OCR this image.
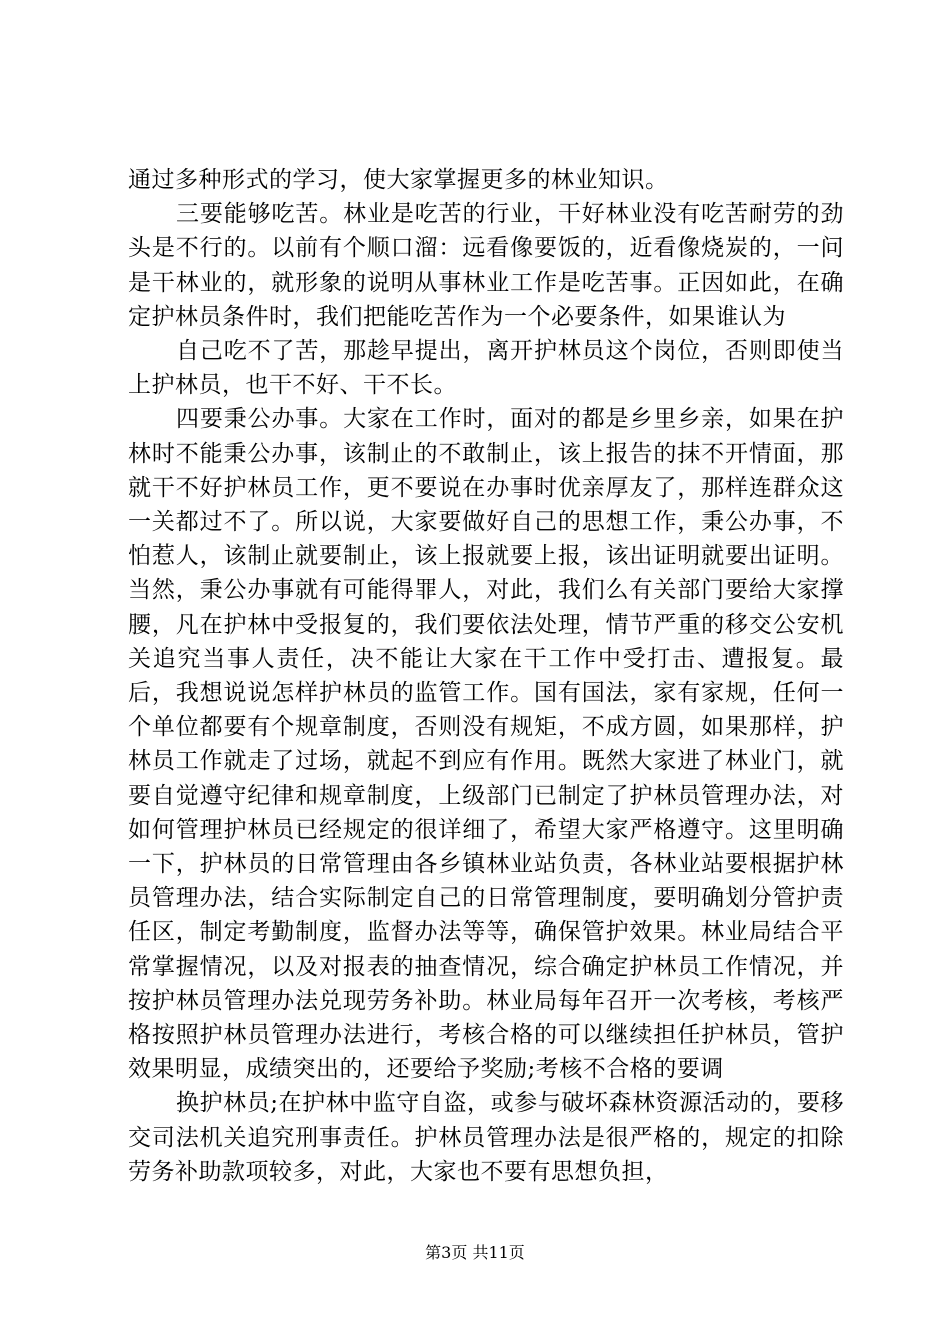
通过多种形式的学习，使大家掌握更多的林业知识。

三要能够吃苦。林业是吃苦的行业，干好林业没有吃苦耐劳的劲头是不行的。以前有个顺口溜：远看像要饭的，近看像烧炭的，一问是干林业的，就形象的说明从事林业工作是吃苦事。正因如此，在确定护林员条件时，我们把能吃苦作为一个必要条件，如果谁认为

自己吃不了苦，那趁早提出，离开护林员这个岗位，否则即使当上护林员，也干不好、干不长。

四要秉公办事。大家在工作时，面对的都是乡里乡亲，如果在护林时不能秉公办事，该制止的不敢制止，该上报告的抹不开情面，那就干不好护林员工作，更不要说在办事时优亲厚友了，那样连群众这一关都过不了。所以说，大家要做好自己的思想工作，秉公办事，不怕惹人，该制止就要制止，该上报就要上报，该出证明就要出证明。当然，秉公办事就有可能得罪人，对此，我们么有关部门要给大家撑腰，凡在护林中受报复的，我们要依法处理，情节严重的移交公安机关追究当事人责任，决不能让大家在干工作中受打击、遭报复。最后，我想说说怎样护林员的监管工作。国有国法，家有家规，任何一个单位都要有个规章制度，否则没有规矩，不成方圆，如果那样，护林员工作就走了过场，就起不到应有作用。既然大家进了林业门，就要自觉遵守纪律和规章制度，上级部门已制定了护林员管理办法，对如何管理护林员已经规定的很详细了，希望大家严格遵守。这里明确一下，护林员的日常管理由各乡镇林业站负责，各林业站要根据护林员管理办法，结合实际制定自己的日常管理制度，要明确划分管护责任区，制定考勤制度，监督办法等等，确保管护效果。林业局结合平常掌握情况，以及对报表的抽查情况，综合确定护林员工作情况，并按护林员管理办法兑现劳务补助。林业局每年召开一次考核，考核严格按照护林员管理办法进行，考核合格的可以继续担任护林员，管护效果明显，成绩突出的，还要给予奖励;考核不合格的要调

换护林员;在护林中监守自盗，或参与破坏森林资源活动的，要移交司法机关追究刑事责任。护林员管理办法是很严格的，规定的扣除劳务补助款项较多，对此，大家也不要有思想负担，

第3页 共11页
